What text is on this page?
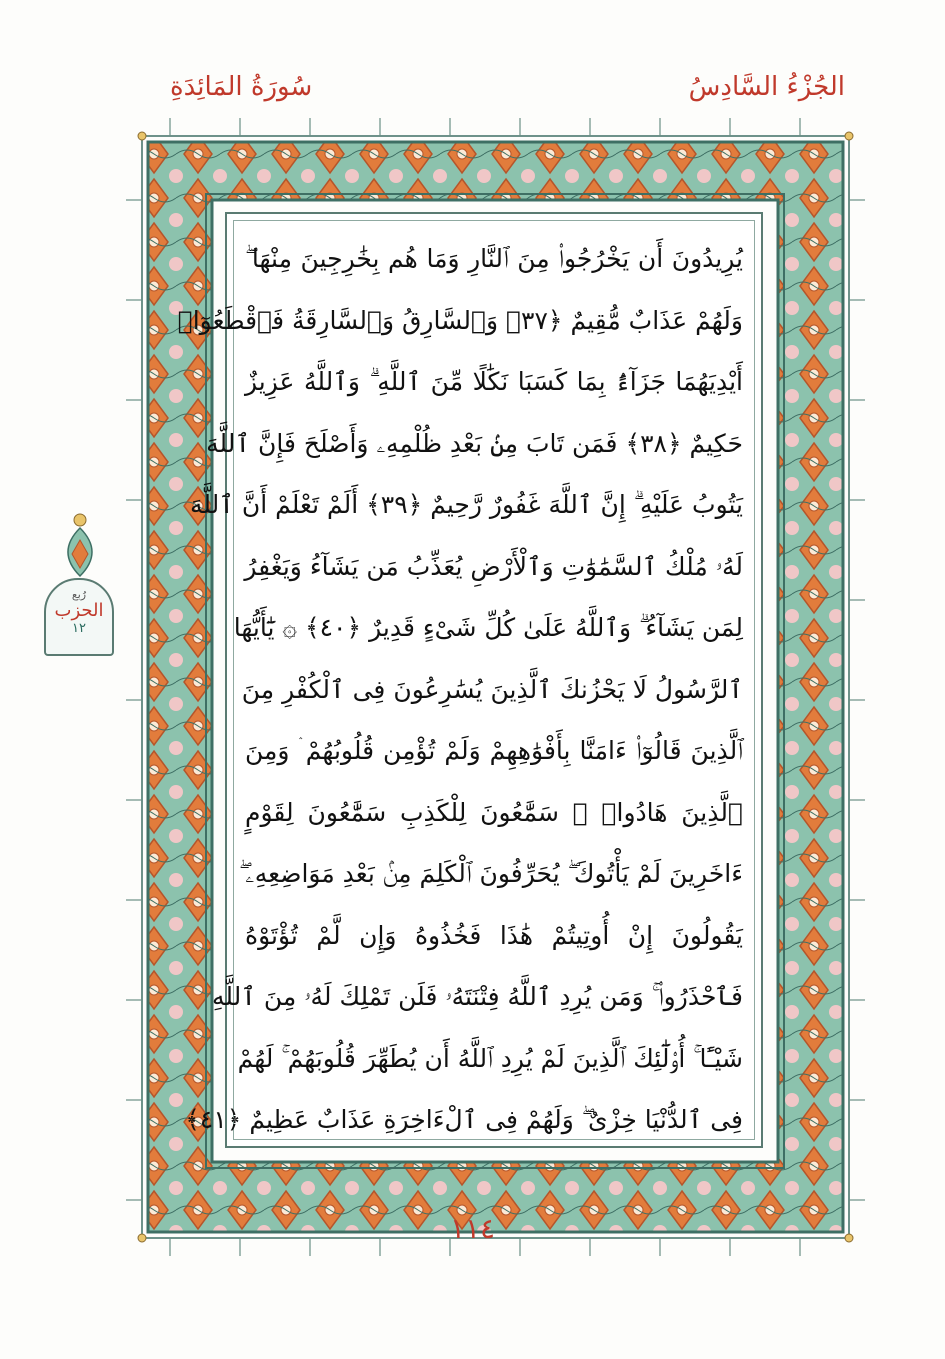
الجُزْءُ السَّادِسُ
سُورَةُ المَائِدَةِ
يُرِيدُونَ أَن يَخْرُجُوا۟ مِنَ ٱلنَّارِ وَمَا هُم بِخَٰرِجِينَ مِنْهَا ۖ
وَلَهُمْ عَذَابٌ مُّقِيمٌ ﴿٣٧﴾ وَٱلسَّارِقُ وَٱلسَّارِقَةُ فَٱقْطَعُوٓا۟
أَيْدِيَهُمَا جَزَآءًۢ بِمَا كَسَبَا نَكَٰلًا مِّنَ ٱللَّهِ ۗ وَٱللَّهُ عَزِيزٌ
حَكِيمٌ ﴿٣٨﴾ فَمَن تَابَ مِنۢ بَعْدِ ظُلْمِهِۦ وَأَصْلَحَ فَإِنَّ ٱللَّهَ
يَتُوبُ عَلَيْهِ ۗ إِنَّ ٱللَّهَ غَفُورٌ رَّحِيمٌ ﴿٣٩﴾ أَلَمْ تَعْلَمْ أَنَّ ٱللَّهَ
لَهُۥ مُلْكُ ٱلسَّمَٰوَٰتِ وَٱلْأَرْضِ يُعَذِّبُ مَن يَشَآءُ وَيَغْفِرُ
لِمَن يَشَآءُ ۗ وَٱللَّهُ عَلَىٰ كُلِّ شَىْءٍ قَدِيرٌ ﴿٤٠﴾ ۞ يَٰٓأَيُّهَا
ٱلرَّسُولُ لَا يَحْزُنكَ ٱلَّذِينَ يُسَٰرِعُونَ فِى ٱلْكُفْرِ مِنَ
ٱلَّذِينَ قَالُوٓا۟ ءَامَنَّا بِأَفْوَٰهِهِمْ وَلَمْ تُؤْمِن قُلُوبُهُمْ ۛ وَمِنَ
ٱلَّذِينَ هَادُوا۟ ۛ سَمَّٰعُونَ لِلْكَذِبِ سَمَّٰعُونَ لِقَوْمٍ
ءَاخَرِينَ لَمْ يَأْتُوكَ ۖ يُحَرِّفُونَ ٱلْكَلِمَ مِنۢ بَعْدِ مَوَاضِعِهِۦ ۖ
يَقُولُونَ إِنْ أُوتِيتُمْ هَٰذَا فَخُذُوهُ وَإِن لَّمْ تُؤْتَوْهُ
فَٱحْذَرُوا۟ ۚ وَمَن يُرِدِ ٱللَّهُ فِتْنَتَهُۥ فَلَن تَمْلِكَ لَهُۥ مِنَ ٱللَّهِ
شَيْـًٔا ۚ أُو۟لَٰٓئِكَ ٱلَّذِينَ لَمْ يُرِدِ ٱللَّهُ أَن يُطَهِّرَ قُلُوبَهُمْ ۚ لَهُمْ
فِى ٱلدُّنْيَا خِزْىٌ ۖ وَلَهُمْ فِى ٱلْءَاخِرَةِ عَذَابٌ عَظِيمٌ ﴿٤١﴾
رُبع
الحزب
١٢
١١٤
